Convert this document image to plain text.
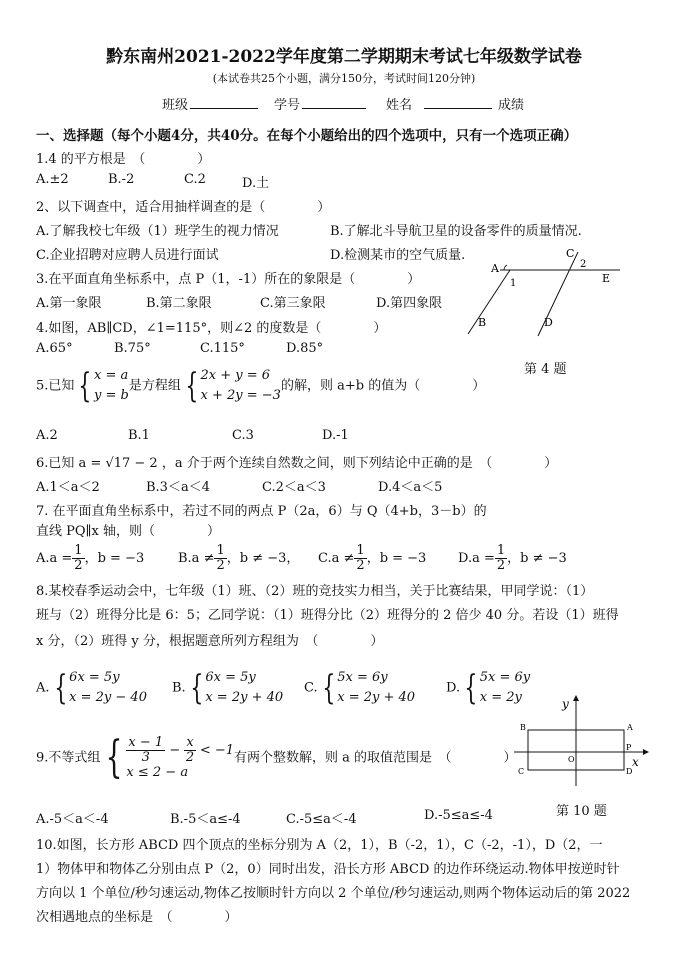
黔东南州2021-2022学年度第二学期期末考试七年级数学试卷
(本试卷共25个小题，满分150分，考试时间120分钟)
班级	学号	姓名	成绩
一、选择题（每个小题4分，共40分。在每个小题给出的四个选项中，只有一个选项正确）
1.4 的平方根是　（　　　　）
A.±2	B.-2	C.2	D.土
2、以下调查中，适合用抽样调查的是（　　　　）
A.了解我校七年级（1）班学生的视力情况	B.了解北斗导航卫星的设备零件的质量情况.
C.企业招聘对应聘人员进行面试	D.检测某市的空气质量.
3.在平面直角坐标系中，点 P（1，-1）所在的象限是（　　　　）
A.第一象限	B.第二象限	C.第三象限	D.第四象限
4.如图，AB∥CD，∠1=115°，则∠2 的度数是（　　　　）
A.65°	B.75°	C.115°	D.85°
A
1
C
2
E
B	D
第 4 题
5.已知 { x = a
y = b
是方程组 { 2x + y = 6
x + 2y = −3
的解，则 a+b 的值为（　　　　）
A.2	B.1	C.3	D.-1
6.已知 a = √17 − 2 ，a 介于两个连续自然数之间，则下列结论中正确的是　（　　　　）
A.1＜a＜2	B.3＜a＜4	C.2＜a＜3	D.4＜a＜5
7. 在平面直角坐标系中，若过不同的两点 P（2a，6）与 Q（4+b，3－b）的
直线 PQ∥x 轴，则（　　　　）
$A.a = \frac{1}{2}$ ，b = −3	$B.a \ne \frac{1}{2}$ ，b ≠ −3， $C.a \ne \frac{1}{2}$ ，b = −3 $D.a = \frac{1}{2}$ ，b ≠ −3
8.某校春季运动会中，七年级（1）班、（2）班的竞技实力相当，关于比赛结果，甲同学说：（1）
班与（2）班得分比是 6：5；乙同学说：（1）班得分比（2）班得分的 2 倍少 40 分。若设（1）班得
x 分，（2）班得 y 分，根据题意所列方程组为　（　　　　）
A. { 6x = 5y
x = 2y − 40
B. { 6x = 5y
x = 2y + 40
C. { 5x = 6y
x = 2y + 40
D. { 5x = 6y
x = 2y
9.不等式组 { $\frac{x - 1}{3} - \frac{x}{2} < -1$
x ≤ 2 − a
有两个整数解，则 a 的取值范围是　（　　　　）
A.-5＜a＜-4	B.-5＜a≤-4	C.-5≤a＜-4	D.-5≤a≤-4
y
x
A
B
C	D
P
O
第 10 题
10.如图，长方形 ABCD 四个顶点的坐标分别为 A（2，1），B（-2，1），C（-2，-1），D（2，一
1）物体甲和物体乙分别由点 P（2，0）同时出发，沿长方形 ABCD 的边作环绕运动.物体甲按逆时针
方向以 1 个单位/秒匀速运动,物体乙按顺时针方向以 2 个单位/秒匀速运动,则两个物体运动后的第 2022
次相遇地点的坐标是　（　　　　）
